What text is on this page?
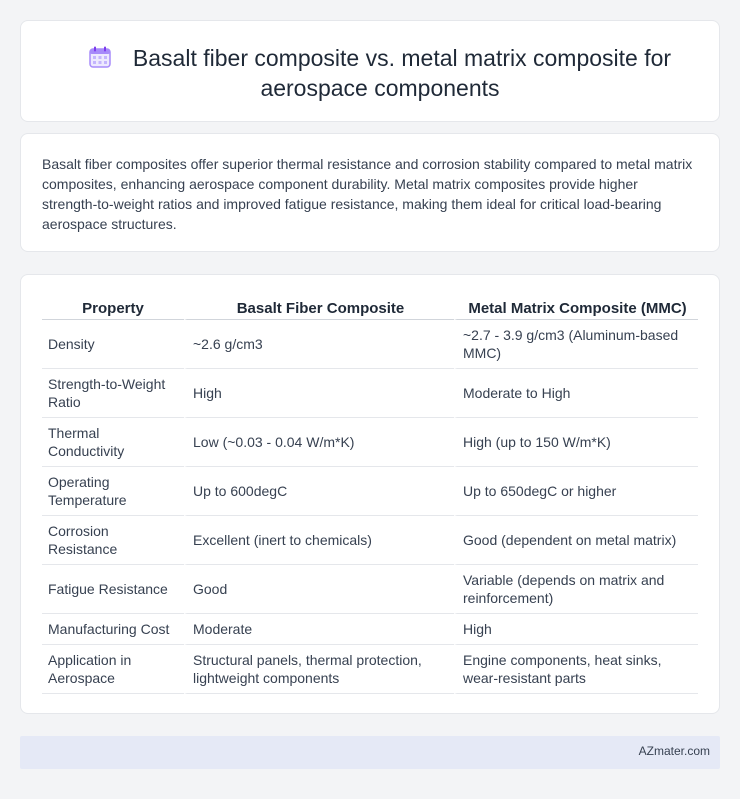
Basalt fiber composite vs. metal matrix composite for aerospace components

Basalt fiber composites offer superior thermal resistance and corrosion stability compared to metal matrix composites, enhancing aerospace component durability. Metal matrix composites provide higher strength-to-weight ratios and improved fatigue resistance, making them ideal for critical load-bearing aerospace structures.

Property	Basalt Fiber Composite	Metal Matrix Composite (MMC)
Density	~2.6 g/cm3	~2.7 - 3.9 g/cm3 (Aluminum-based MMC)
Strength-to-Weight Ratio	High	Moderate to High
Thermal Conductivity	Low (~0.03 - 0.04 W/m*K)	High (up to 150 W/m*K)
Operating Temperature	Up to 600degC	Up to 650degC or higher
Corrosion Resistance	Excellent (inert to chemicals)	Good (dependent on metal matrix)
Fatigue Resistance	Good	Variable (depends on matrix and reinforcement)
Manufacturing Cost	Moderate	High
Application in Aerospace	Structural panels, thermal protection, lightweight components	Engine components, heat sinks, wear-resistant parts
AZmater.com
